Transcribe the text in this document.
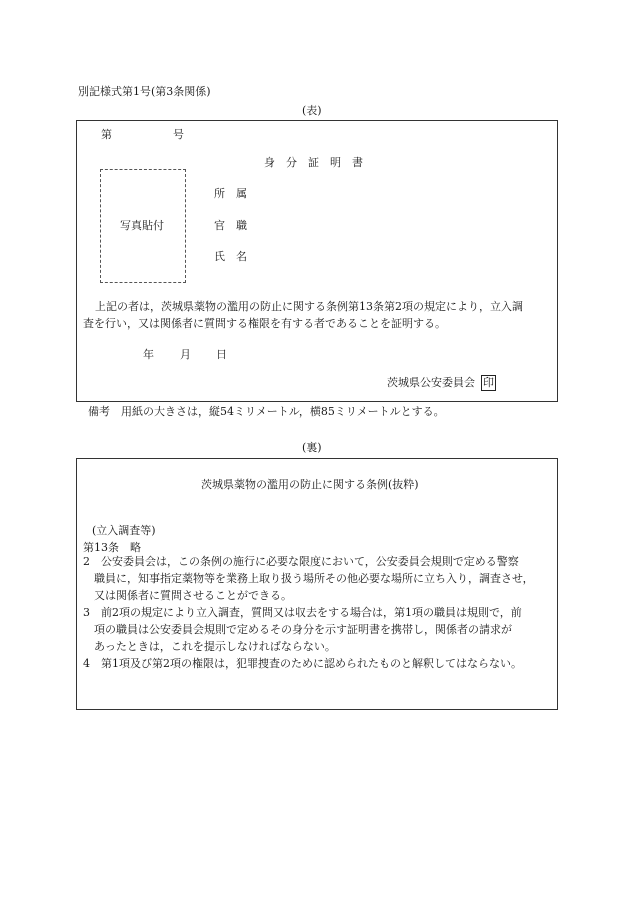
別記様式第1号(第3条関係)
(表)
第	号
身　分　証　明　書
写真貼付
所　属
官　職
氏　名
上記の者は，茨城県薬物の濫用の防止に関する条例第13条第2項の規定により，立入調
査を行い，又は関係者に質問する権限を有する者であることを証明する。
年 月 日
茨城県公安委員会 印
備考　用紙の大きさは，縦54ミリメートル，横85ミリメートルとする。
(裏)
茨城県薬物の濫用の防止に関する条例(抜粋)
(立入調査等)
第13条　略

2　公安委員会は，この条例の施行に必要な限度において，公安委員会規則で定める警察

　職員に，知事指定薬物等を業務上取り扱う場所その他必要な場所に立ち入り，調査させ，

　又は関係者に質問させることができる。

3　前2項の規定により立入調査，質問又は収去をする場合は，第1項の職員は規則で，前

　項の職員は公安委員会規則で定めるその身分を示す証明書を携帯し，関係者の請求が

　あったときは，これを提示しなければならない。

4　第1項及び第2項の権限は，犯罪捜査のために認められたものと解釈してはならない。
